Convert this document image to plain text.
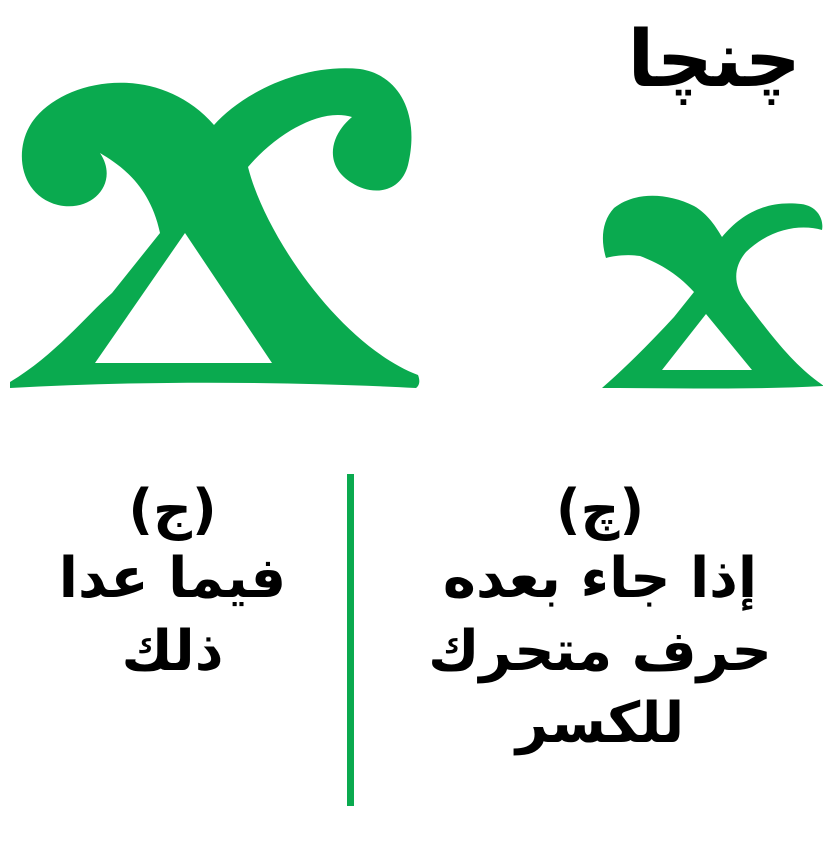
چنچا

(ج)

فيما عدا

ذلك

(چ)

إذا جاء بعده

حرف متحرك

للكسر
